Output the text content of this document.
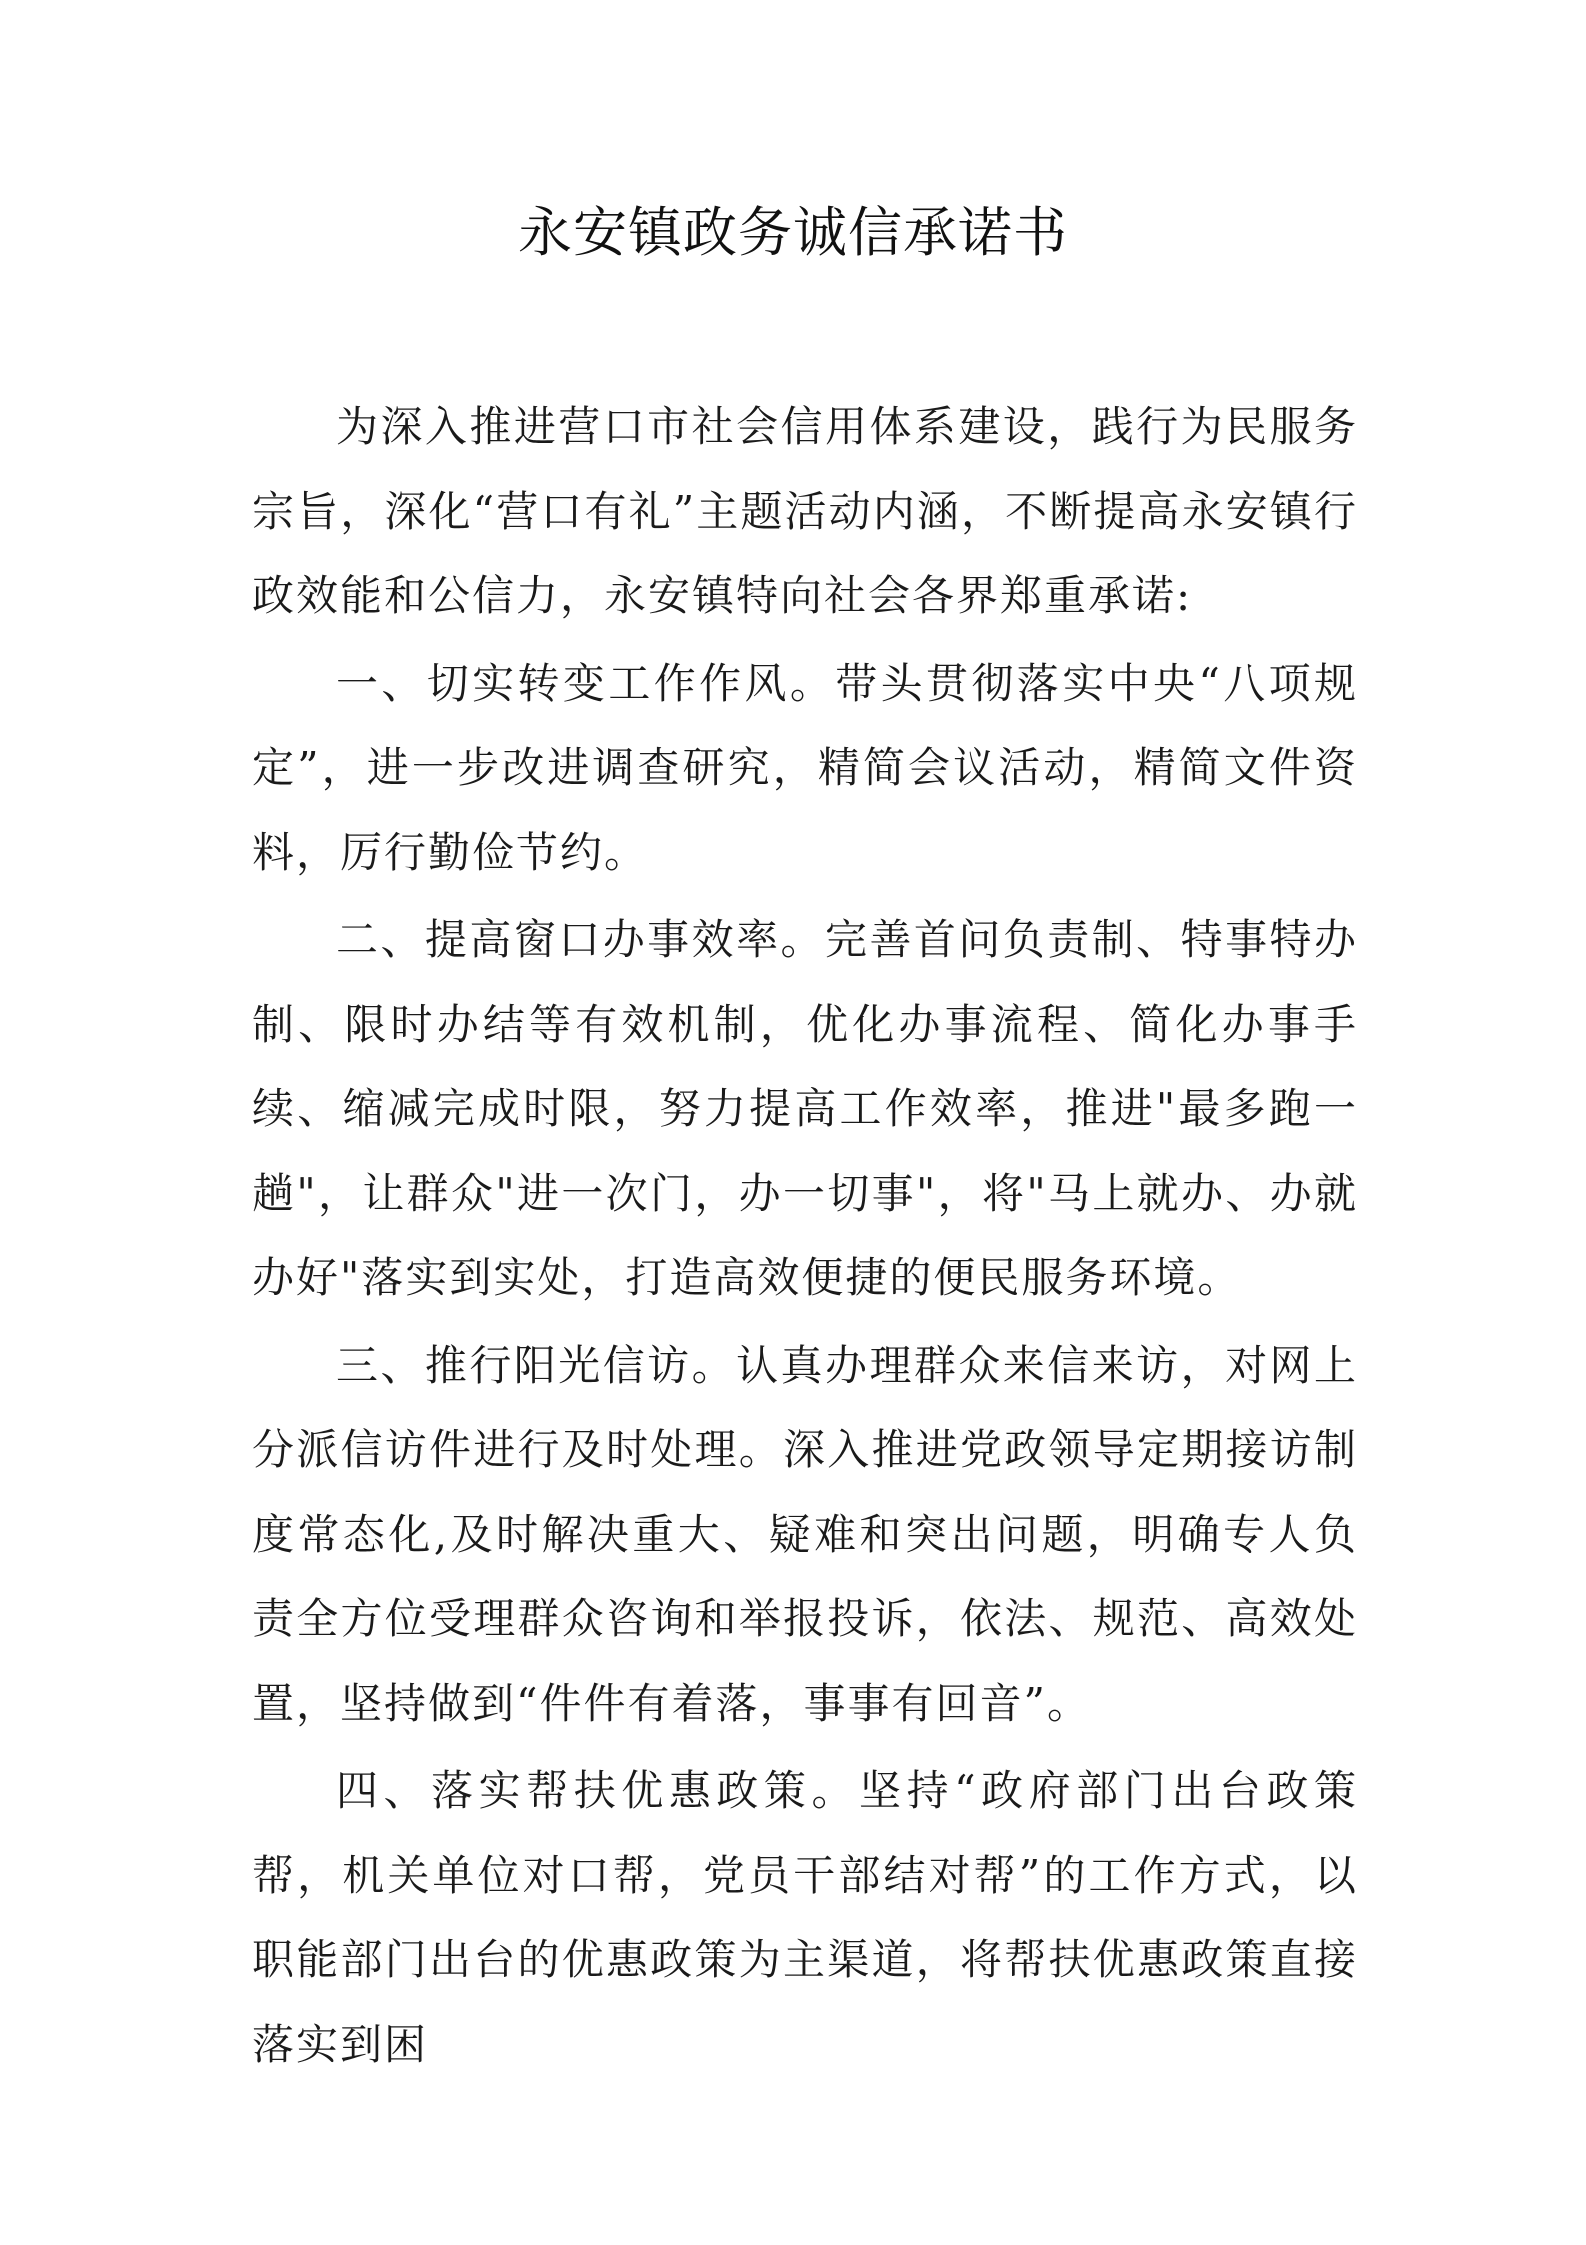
永安镇政务诚信承诺书

为深入推进营口市社会信用体系建设，践行为民服务宗旨，深化“营口有礼”主题活动内涵，不断提高永安镇行政效能和公信力，永安镇特向社会各界郑重承诺:

一、切实转变工作作风。带头贯彻落实中央“八项规定”，进一步改进调查研究，精简会议活动，精简文件资料，厉行勤俭节约。

二、提高窗口办事效率。完善首问负责制、特事特办制、限时办结等有效机制，优化办事流程、简化办事手续、缩减完成时限，努力提高工作效率，推进"最多跑一趟"，让群众"进一次门，办一切事"，将"马上就办、办就办好"落实到实处，打造高效便捷的便民服务环境。

三、推行阳光信访。认真办理群众来信来访，对网上分派信访件进行及时处理。深入推进党政领导定期接访制度常态化,及时解决重大、疑难和突出问题，明确专人负责全方位受理群众咨询和举报投诉，依法、规范、高效处置，坚持做到“件件有着落，事事有回音”。

四、落实帮扶优惠政策。坚持“政府部门出台政策帮，机关单位对口帮，党员干部结对帮”的工作方式，以职能部门出台的优惠政策为主渠道，将帮扶优惠政策直接落实到困
